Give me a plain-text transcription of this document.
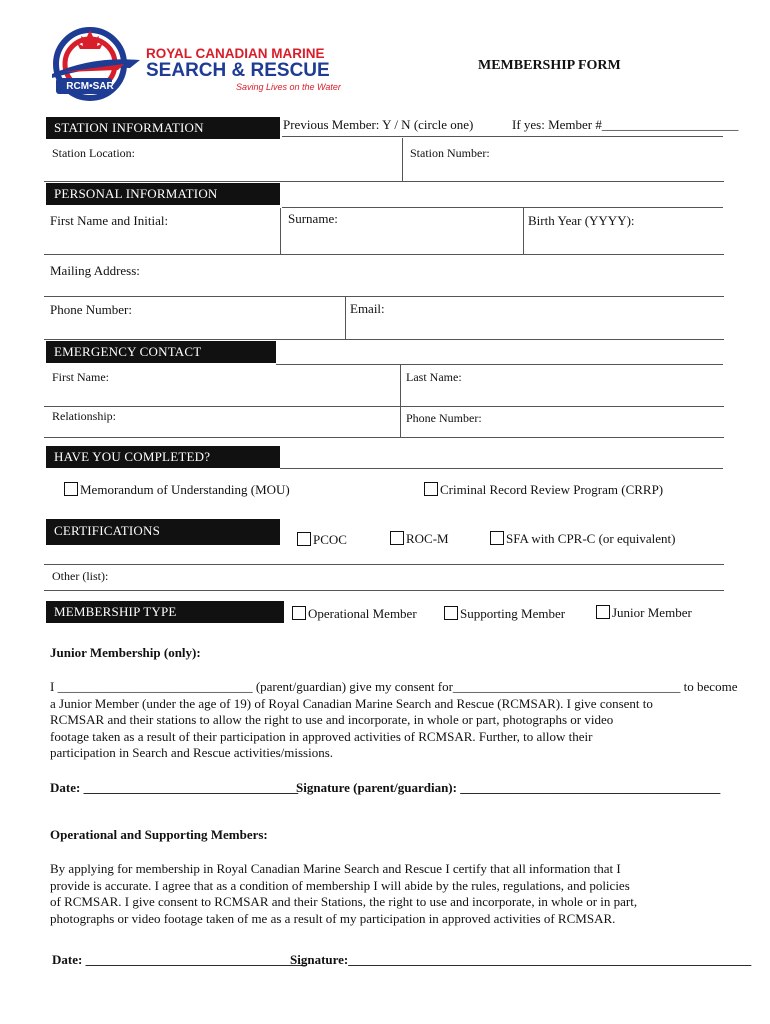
RCM•SAR
ROYAL CANADIAN MARINE
SEARCH & RESCUE
Saving Lives on the Water
MEMBERSHIP FORM
STATION INFORMATION	Previous Member: Y / N (circle one)	If yes: Member #_____________________
Station Location:	Station Number:
PERSONAL INFORMATION
First Name and Initial:	Surname:	Birth Year (YYYY):
Mailing Address:
Phone Number:	Email:
EMERGENCY CONTACT
First Name:	Last Name:
Relationship:	Phone Number:
HAVE YOU COMPLETED?
Memorandum of Understanding (MOU)	Criminal Record Review Program (CRRP)
CERTIFICATIONS
PCOC	ROC-M	SFA with CPR-C (or equivalent)
Other (list):
MEMBERSHIP TYPE	Operational Member	Supporting Member	Junior Member
Junior Membership (only):
I ______________________________ (parent/guardian) give my consent for___________________________________ to become
a Junior Member (under the age of 19) of Royal Canadian Marine Search and Rescue (RCMSAR). I give consent to
RCMSAR and their stations to allow the right to use and incorporate, in whole or part, photographs or video
footage taken as a result of their participation in approved activities of RCMSAR. Further, to allow their
participation in Search and Rescue activities/missions.
Date: _________________________________
Signature (parent/guardian): ________________________________________
Operational and Supporting Members:
By applying for membership in Royal Canadian Marine Search and Rescue I certify that all information that I
provide is accurate. I agree that as a condition of membership I will abide by the rules, regulations, and policies
of RCMSAR. I give consent to RCMSAR and their Stations, the right to use and incorporate, in whole or in part,
photographs or video footage taken of me as a result of my participation in approved activities of RCMSAR.
Date: __________________________________
Signature:______________________________________________________________
